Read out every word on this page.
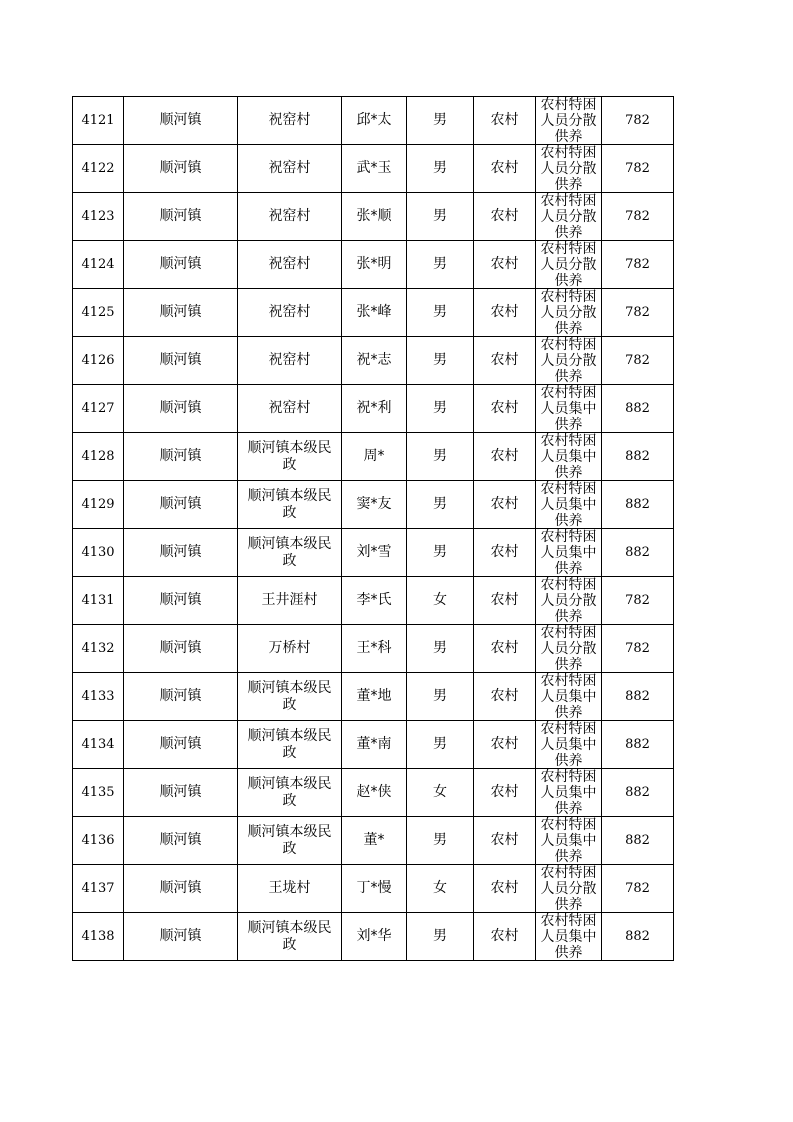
4121	顺河镇	祝窑村	邱*太	男	农村	农村特困人员分散供养	782
4122	顺河镇	祝窑村	武*玉	男	农村	农村特困人员分散供养	782
4123	顺河镇	祝窑村	张*顺	男	农村	农村特困人员分散供养	782
4124	顺河镇	祝窑村	张*明	男	农村	农村特困人员分散供养	782
4125	顺河镇	祝窑村	张*峰	男	农村	农村特困人员分散供养	782
4126	顺河镇	祝窑村	祝*志	男	农村	农村特困人员分散供养	782
4127	顺河镇	祝窑村	祝*利	男	农村	农村特困人员集中供养	882
4128	顺河镇	顺河镇本级民政	周*	男	农村	农村特困人员集中供养	882
4129	顺河镇	顺河镇本级民政	窦*友	男	农村	农村特困人员集中供养	882
4130	顺河镇	顺河镇本级民政	刘*雪	男	农村	农村特困人员集中供养	882
4131	顺河镇	王井涯村	李*氏	女	农村	农村特困人员分散供养	782
4132	顺河镇	万桥村	王*科	男	农村	农村特困人员分散供养	782
4133	顺河镇	顺河镇本级民政	董*地	男	农村	农村特困人员集中供养	882
4134	顺河镇	顺河镇本级民政	董*南	男	农村	农村特困人员集中供养	882
4135	顺河镇	顺河镇本级民政	赵*侠	女	农村	农村特困人员集中供养	882
4136	顺河镇	顺河镇本级民政	董*	男	农村	农村特困人员集中供养	882
4137	顺河镇	王垅村	丁*慢	女	农村	农村特困人员分散供养	782
4138	顺河镇	顺河镇本级民政	刘*华	男	农村	农村特困人员集中供养	882
